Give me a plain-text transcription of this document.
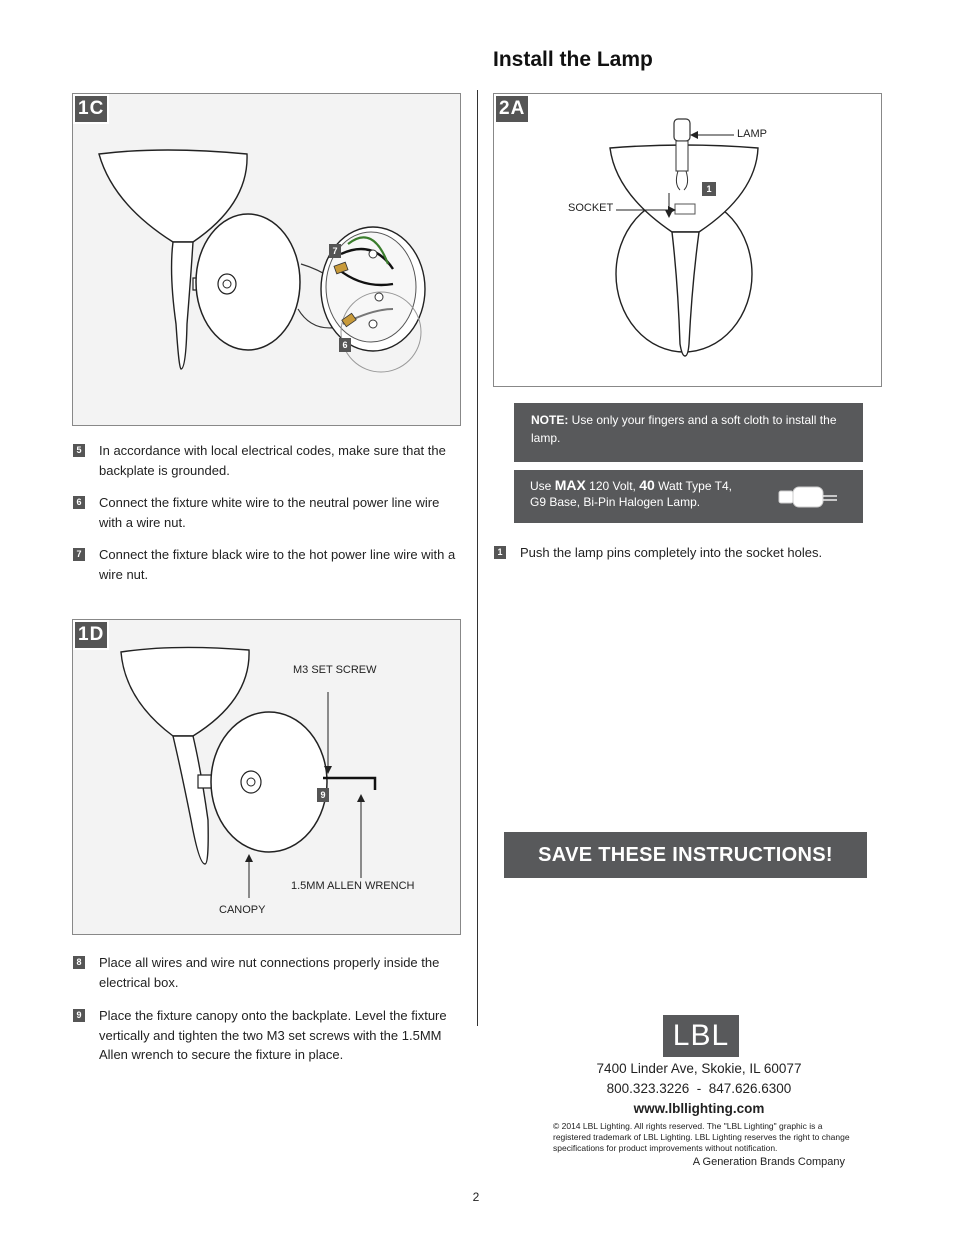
Install the Lamp
1C
7
6
5 In accordance with local electrical codes, make sure that the backplate is grounded.
6 Connect the fixture white wire to the neutral power line wire with a wire nut.
7 Connect the fixture black wire to the hot power line wire with a wire nut.
1D
M3 SET SCREW
1.5MM ALLEN WRENCH
CANOPY
9
8 Place all wires and wire nut connections properly inside the electrical box.
9 Place the fixture canopy onto the backplate. Level the fixture vertically and tighten the two M3 set screws with the 1.5MM Allen wrench to secure the fixture in place.
2A
LAMP
SOCKET
1
NOTE: Use only your fingers and a soft cloth to install the lamp.
Use MAX 120 Volt, 40 Watt Type T4,
G9 Base, Bi-Pin Halogen Lamp.
1 Push the lamp pins completely into the socket holes.
SAVE THESE INSTRUCTIONS!
LBL
7400 Linder Ave, Skokie, IL 60077
800.323.3226  -  847.626.6300
www.lbllighting.com
© 2014 LBL Lighting. All rights reserved. The "LBL Lighting" graphic is a registered trademark of LBL Lighting. LBL Lighting reserves the right to change specifications for product improvements without notification.
A Generation Brands Company
2
